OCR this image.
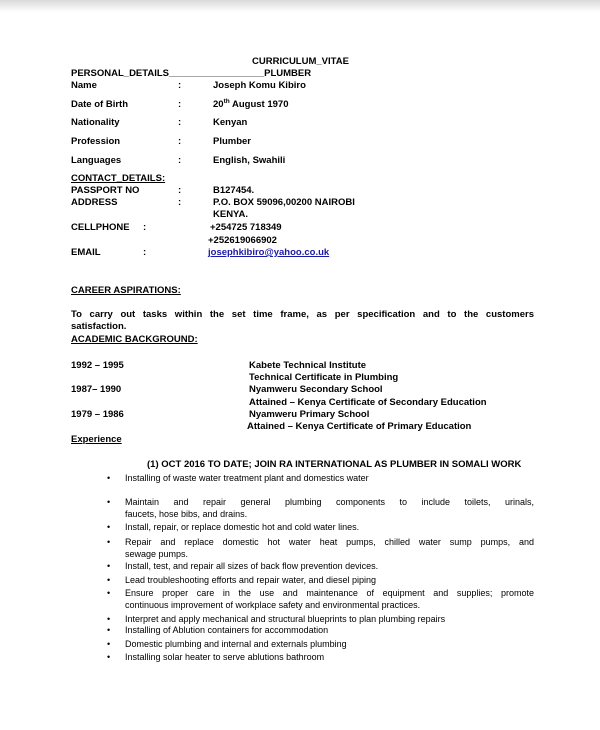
CURRICULUM_VITAE
PERSONAL_DETAILS__________________PLUMBER
Name	:	Joseph Komu Kibiro
Date of Birth	:	20th August 1970
Nationality	:	Kenyan
Profession	:	Plumber
Languages	:	English, Swahili
CONTACT_DETAILS:
PASSPORT NO	:	B127454.
ADDRESS	:	P.O. BOX 59096,00200 NAIROBI
KENYA.
CELLPHONE :	+254725 718349
+252619066902
EMAIL	:	josephkibiro@yahoo.co.uk
CAREER ASPIRATIONS:
To carry out tasks within the set time frame, as per specification and to the customers
satisfaction.
ACADEMIC BACKGROUND:
1992 – 1995	Kabete Technical Institute
Technical Certificate in Plumbing
1987– 1990	Nyamweru Secondary School
Attained – Kenya Certificate of Secondary Education
1979 – 1986	Nyamweru Primary School
Attained – Kenya Certificate of Primary Education
Experience
(1) OCT 2016 TO DATE; JOIN RA INTERNATIONAL AS PLUMBER IN SOMALI WORK
• Installing of waste water treatment plant and domestics water
• Maintain and repair general plumbing components to include toilets, urinals,
faucets, hose bibs, and drains.
• Install, repair, or replace domestic hot and cold water lines.
• Repair and replace domestic hot water heat pumps, chilled water sump pumps, and
sewage pumps.
• Install, test, and repair all sizes of back flow prevention devices.
• Lead troubleshooting efforts and repair water, and diesel piping
• Ensure proper care in the use and maintenance of equipment and supplies; promote
continuous improvement of workplace safety and environmental practices.
• Interpret and apply mechanical and structural blueprints to plan plumbing repairs
• Installing of Ablution containers for accommodation
• Domestic plumbing and internal and externals plumbing
• Installing solar heater to serve ablutions bathroom
